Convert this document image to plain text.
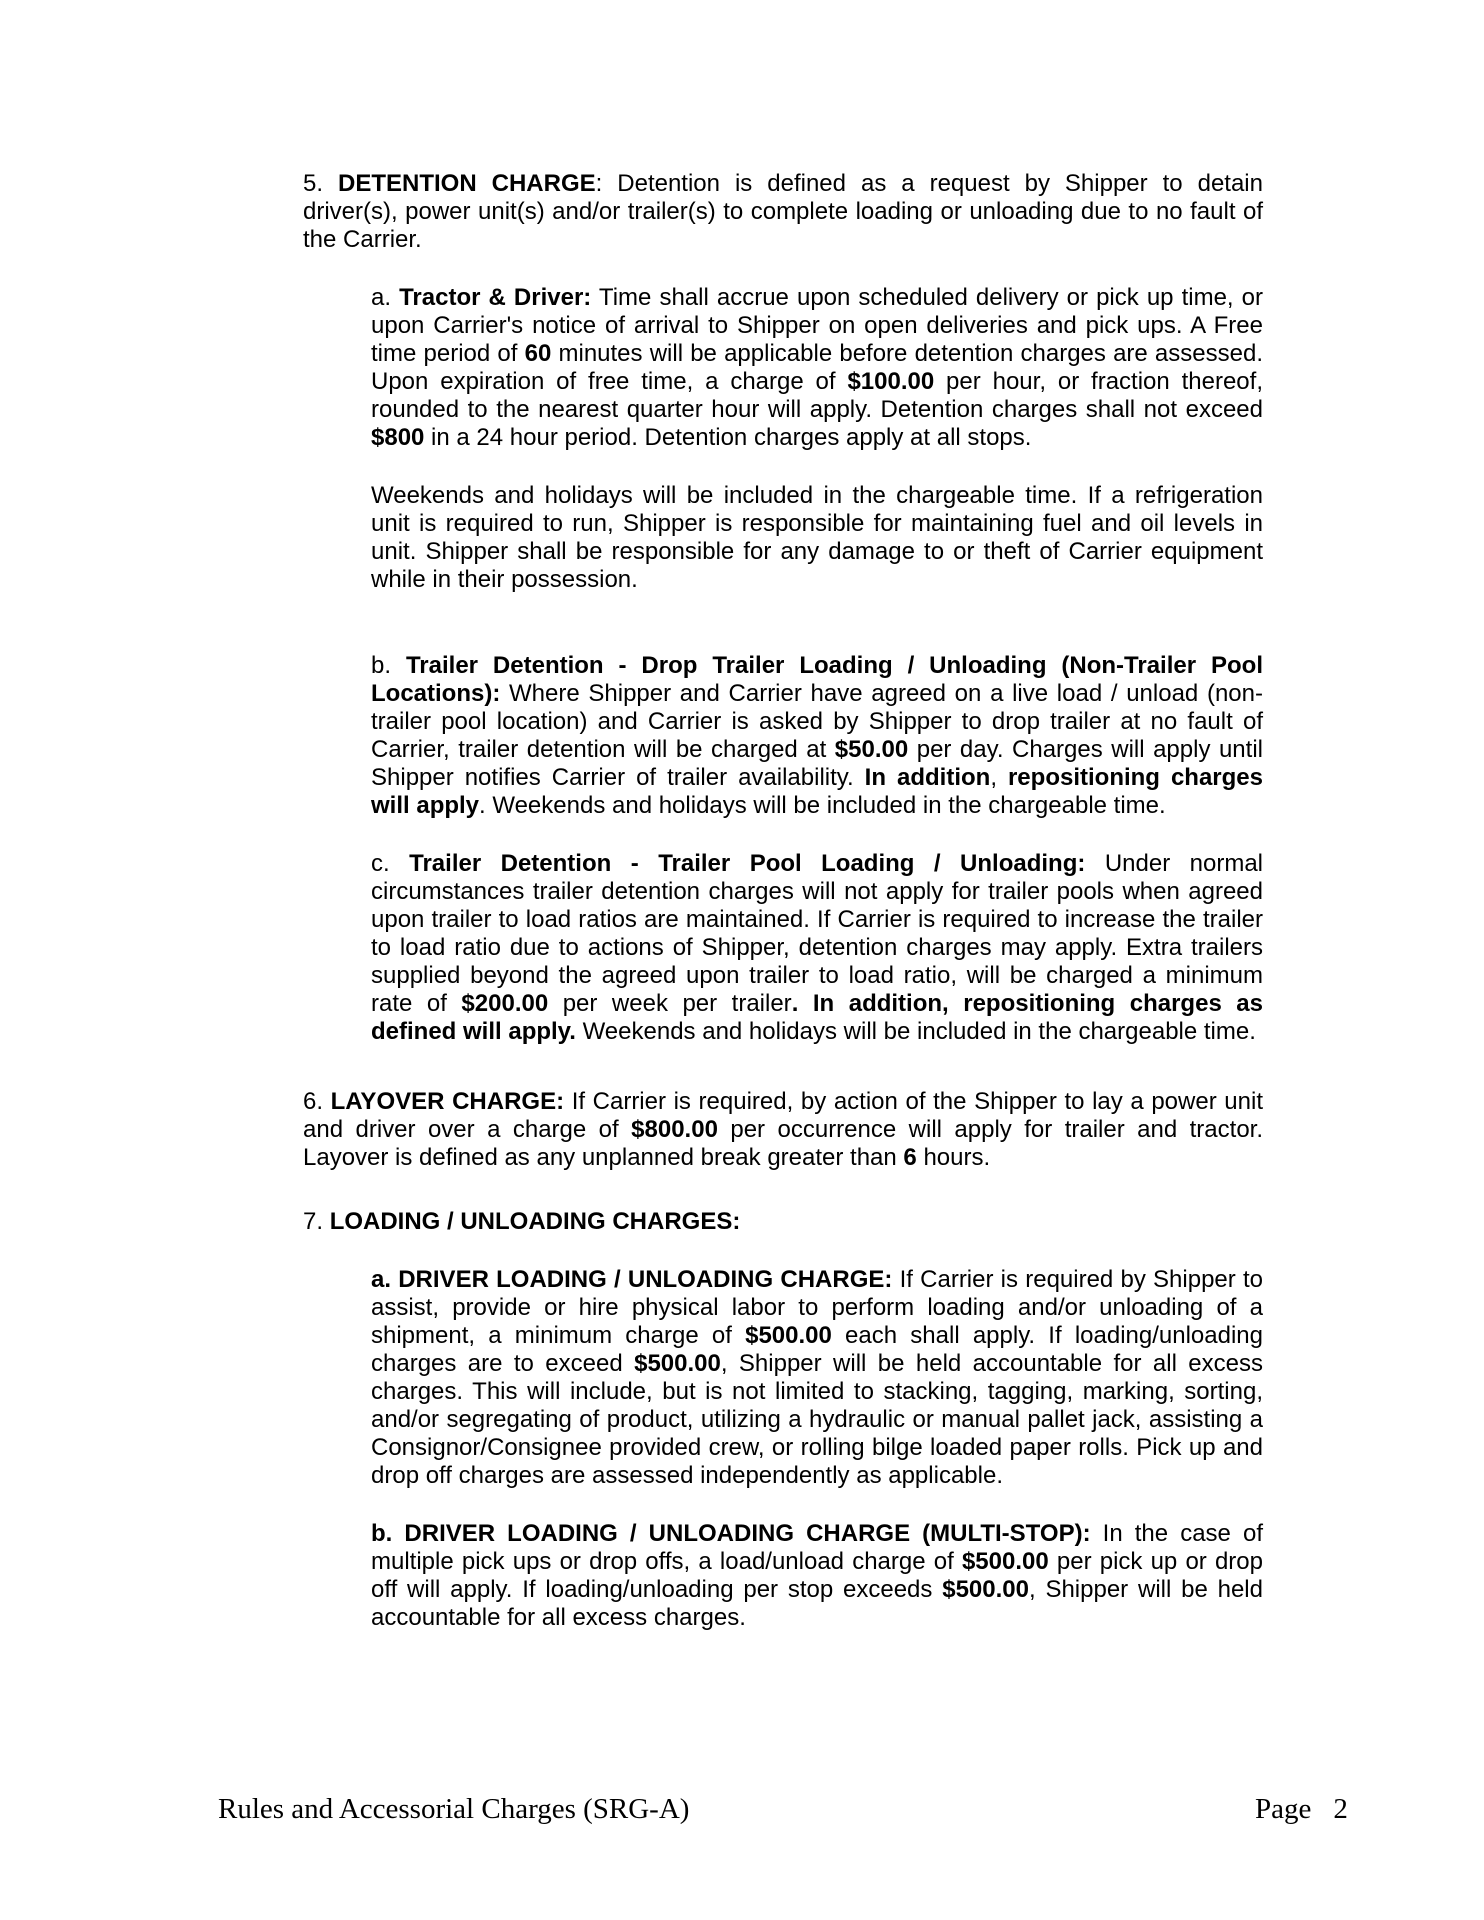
5. DETENTION CHARGE: Detention is defined as a request by Shipper to detain driver(s), power unit(s) and/or trailer(s) to complete loading or unloading due to no fault of the Carrier.

a. Tractor & Driver: Time shall accrue upon scheduled delivery or pick up time, or upon Carrier's notice of arrival to Shipper on open deliveries and pick ups. A Free time period of 60 minutes will be applicable before detention charges are assessed. Upon expiration of free time, a charge of $100.00 per hour, or fraction thereof, rounded to the nearest quarter hour will apply. Detention charges shall not exceed $800 in a 24 hour period. Detention charges apply at all stops.

Weekends and holidays will be included in the chargeable time. If a refrigeration unit is required to run, Shipper is responsible for maintaining fuel and oil levels in unit. Shipper shall be responsible for any damage to or theft of Carrier equipment while in their possession.

b. Trailer Detention - Drop Trailer Loading / Unloading (Non-Trailer Pool Locations): Where Shipper and Carrier have agreed on a live load / unload (non-trailer pool location) and Carrier is asked by Shipper to drop trailer at no fault of Carrier, trailer detention will be charged at $50.00 per day. Charges will apply until Shipper notifies Carrier of trailer availability. In addition, repositioning charges will apply. Weekends and holidays will be included in the chargeable time.

c. Trailer Detention - Trailer Pool Loading / Unloading: Under normal circumstances trailer detention charges will not apply for trailer pools when agreed upon trailer to load ratios are maintained. If Carrier is required to increase the trailer to load ratio due to actions of Shipper, detention charges may apply. Extra trailers supplied beyond the agreed upon trailer to load ratio, will be charged a minimum rate of $200.00 per week per trailer. In addition, repositioning charges as defined will apply. Weekends and holidays will be included in the chargeable time.

6. LAYOVER CHARGE: If Carrier is required, by action of the Shipper to lay a power unit and driver over a charge of $800.00 per occurrence will apply for trailer and tractor. Layover is defined as any unplanned break greater than 6 hours.

7. LOADING / UNLOADING CHARGES:

a. DRIVER LOADING / UNLOADING CHARGE: If Carrier is required by Shipper to assist, provide or hire physical labor to perform loading and/or unloading of a shipment, a minimum charge of $500.00 each shall apply. If loading/unloading charges are to exceed $500.00, Shipper will be held accountable for all excess charges. This will include, but is not limited to stacking, tagging, marking, sorting, and/or segregating of product, utilizing a hydraulic or manual pallet jack, assisting a Consignor/Consignee provided crew, or rolling bilge loaded paper rolls. Pick up and drop off charges are assessed independently as applicable.

b. DRIVER LOADING / UNLOADING CHARGE (MULTI-STOP): In the case of multiple pick ups or drop offs, a load/unload charge of $500.00 per pick up or drop off will apply. If loading/unloading per stop exceeds $500.00, Shipper will be held accountable for all excess charges.

Rules and Accessorial Charges (SRG-A)	Page 2
